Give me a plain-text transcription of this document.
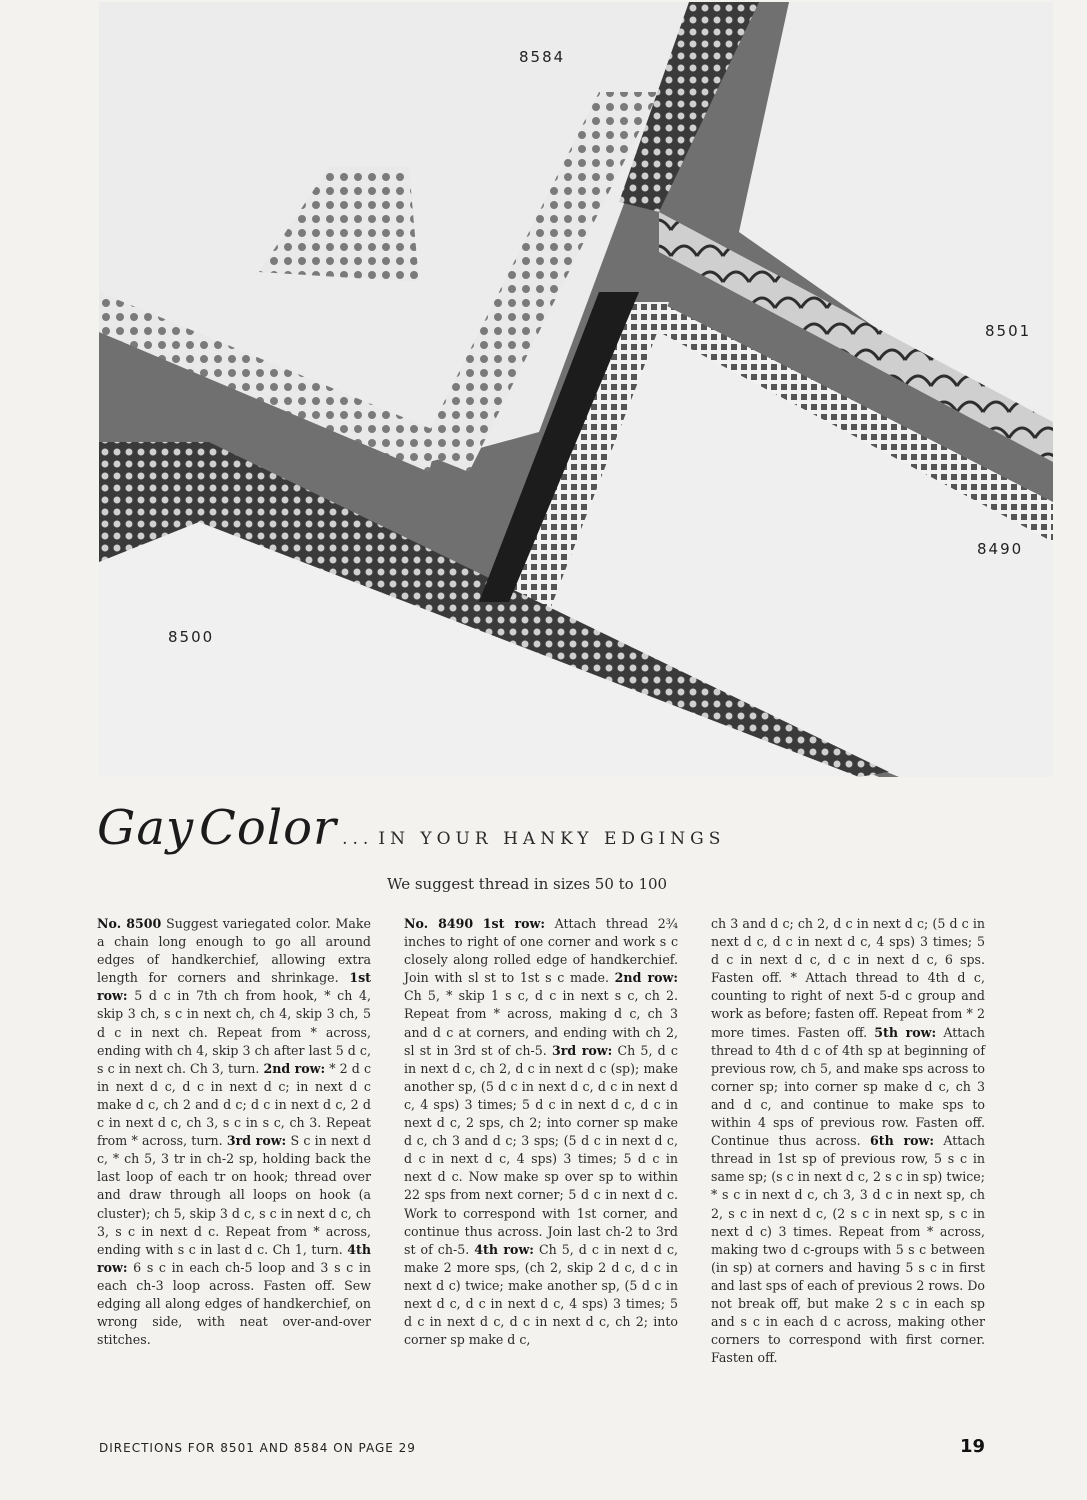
8584
8501
8490
8500
Gay Color ... IN YOUR HANKY EDGINGS
We suggest thread in sizes 50 to 100
No. 8500 Suggest variegated color. Make a chain long enough to go all around edges of handkerchief, allowing extra length for corners and shrinkage. 1st row: 5 d c in 7th ch from hook, * ch 4, skip 3 ch, s c in next ch, ch 4, skip 3 ch, 5 d c in next ch. Repeat from * across, ending with ch 4, skip 3 ch after last 5 d c, s c in next ch. Ch 3, turn. 2nd row: * 2 d c in next d c, d c in next d c; in next d c make d c, ch 2 and d c; d c in next d c, 2 d c in next d c, ch 3, s c in s c, ch 3. Repeat from * across, turn. 3rd row: S c in next d c, * ch 5, 3 tr in ch-2 sp, holding back the last loop of each tr on hook; thread over and draw through all loops on hook (a cluster); ch 5, skip 3 d c, s c in next d c, ch 3, s c in next d c. Repeat from * across, ending with s c in last d c. Ch 1, turn. 4th row: 6 s c in each ch-5 loop and 3 s c in each ch-3 loop across. Fasten off. Sew edging all along edges of handkerchief, on wrong side, with neat over-and-over stitches.
No. 8490 1st row: Attach thread 2¾ inches to right of one corner and work s c closely along rolled edge of handkerchief. Join with sl st to 1st s c made. 2nd row: Ch 5, * skip 1 s c, d c in next s c, ch 2. Repeat from * across, making d c, ch 3 and d c at corners, and ending with ch 2, sl st in 3rd st of ch-5. 3rd row: Ch 5, d c in next d c, ch 2, d c in next d c (sp); make another sp, (5 d c in next d c, d c in next d c, 4 sps) 3 times; 5 d c in next d c, d c in next d c, 2 sps, ch 2; into corner sp make d c, ch 3 and d c; 3 sps; (5 d c in next d c, d c in next d c, 4 sps) 3 times; 5 d c in next d c. Now make sp over sp to within 22 sps from next corner; 5 d c in next d c. Work to correspond with 1st corner, and continue thus across. Join last ch-2 to 3rd st of ch-5. 4th row: Ch 5, d c in next d c, make 2 more sps, (ch 2, skip 2 d c, d c in next d c) twice; make another sp, (5 d c in next d c, d c in next d c, 4 sps) 3 times; 5 d c in next d c, d c in next d c, ch 2; into corner sp make d c,
ch 3 and d c; ch 2, d c in next d c; (5 d c in next d c, d c in next d c, 4 sps) 3 times; 5 d c in next d c, d c in next d c, 6 sps. Fasten off. * Attach thread to 4th d c, counting to right of next 5-d c group and work as before; fasten off. Repeat from * 2 more times. Fasten off. 5th row: Attach thread to 4th d c of 4th sp at beginning of previous row, ch 5, and make sps across to corner sp; into corner sp make d c, ch 3 and d c, and continue to make sps to within 4 sps of previous row. Fasten off. Continue thus across. 6th row: Attach thread in 1st sp of previous row, 5 s c in same sp; (s c in next d c, 2 s c in sp) twice; * s c in next d c, ch 3, 3 d c in next sp, ch 2, s c in next d c, (2 s c in next sp, s c in next d c) 3 times. Repeat from * across, making two d c-groups with 5 s c between (in sp) at corners and having 5 s c in first and last sps of each of previous 2 rows. Do not break off, but make 2 s c in each sp and s c in each d c across, making other corners to correspond with first corner. Fasten off.
DIRECTIONS FOR 8501 AND 8584 ON PAGE 29	19
